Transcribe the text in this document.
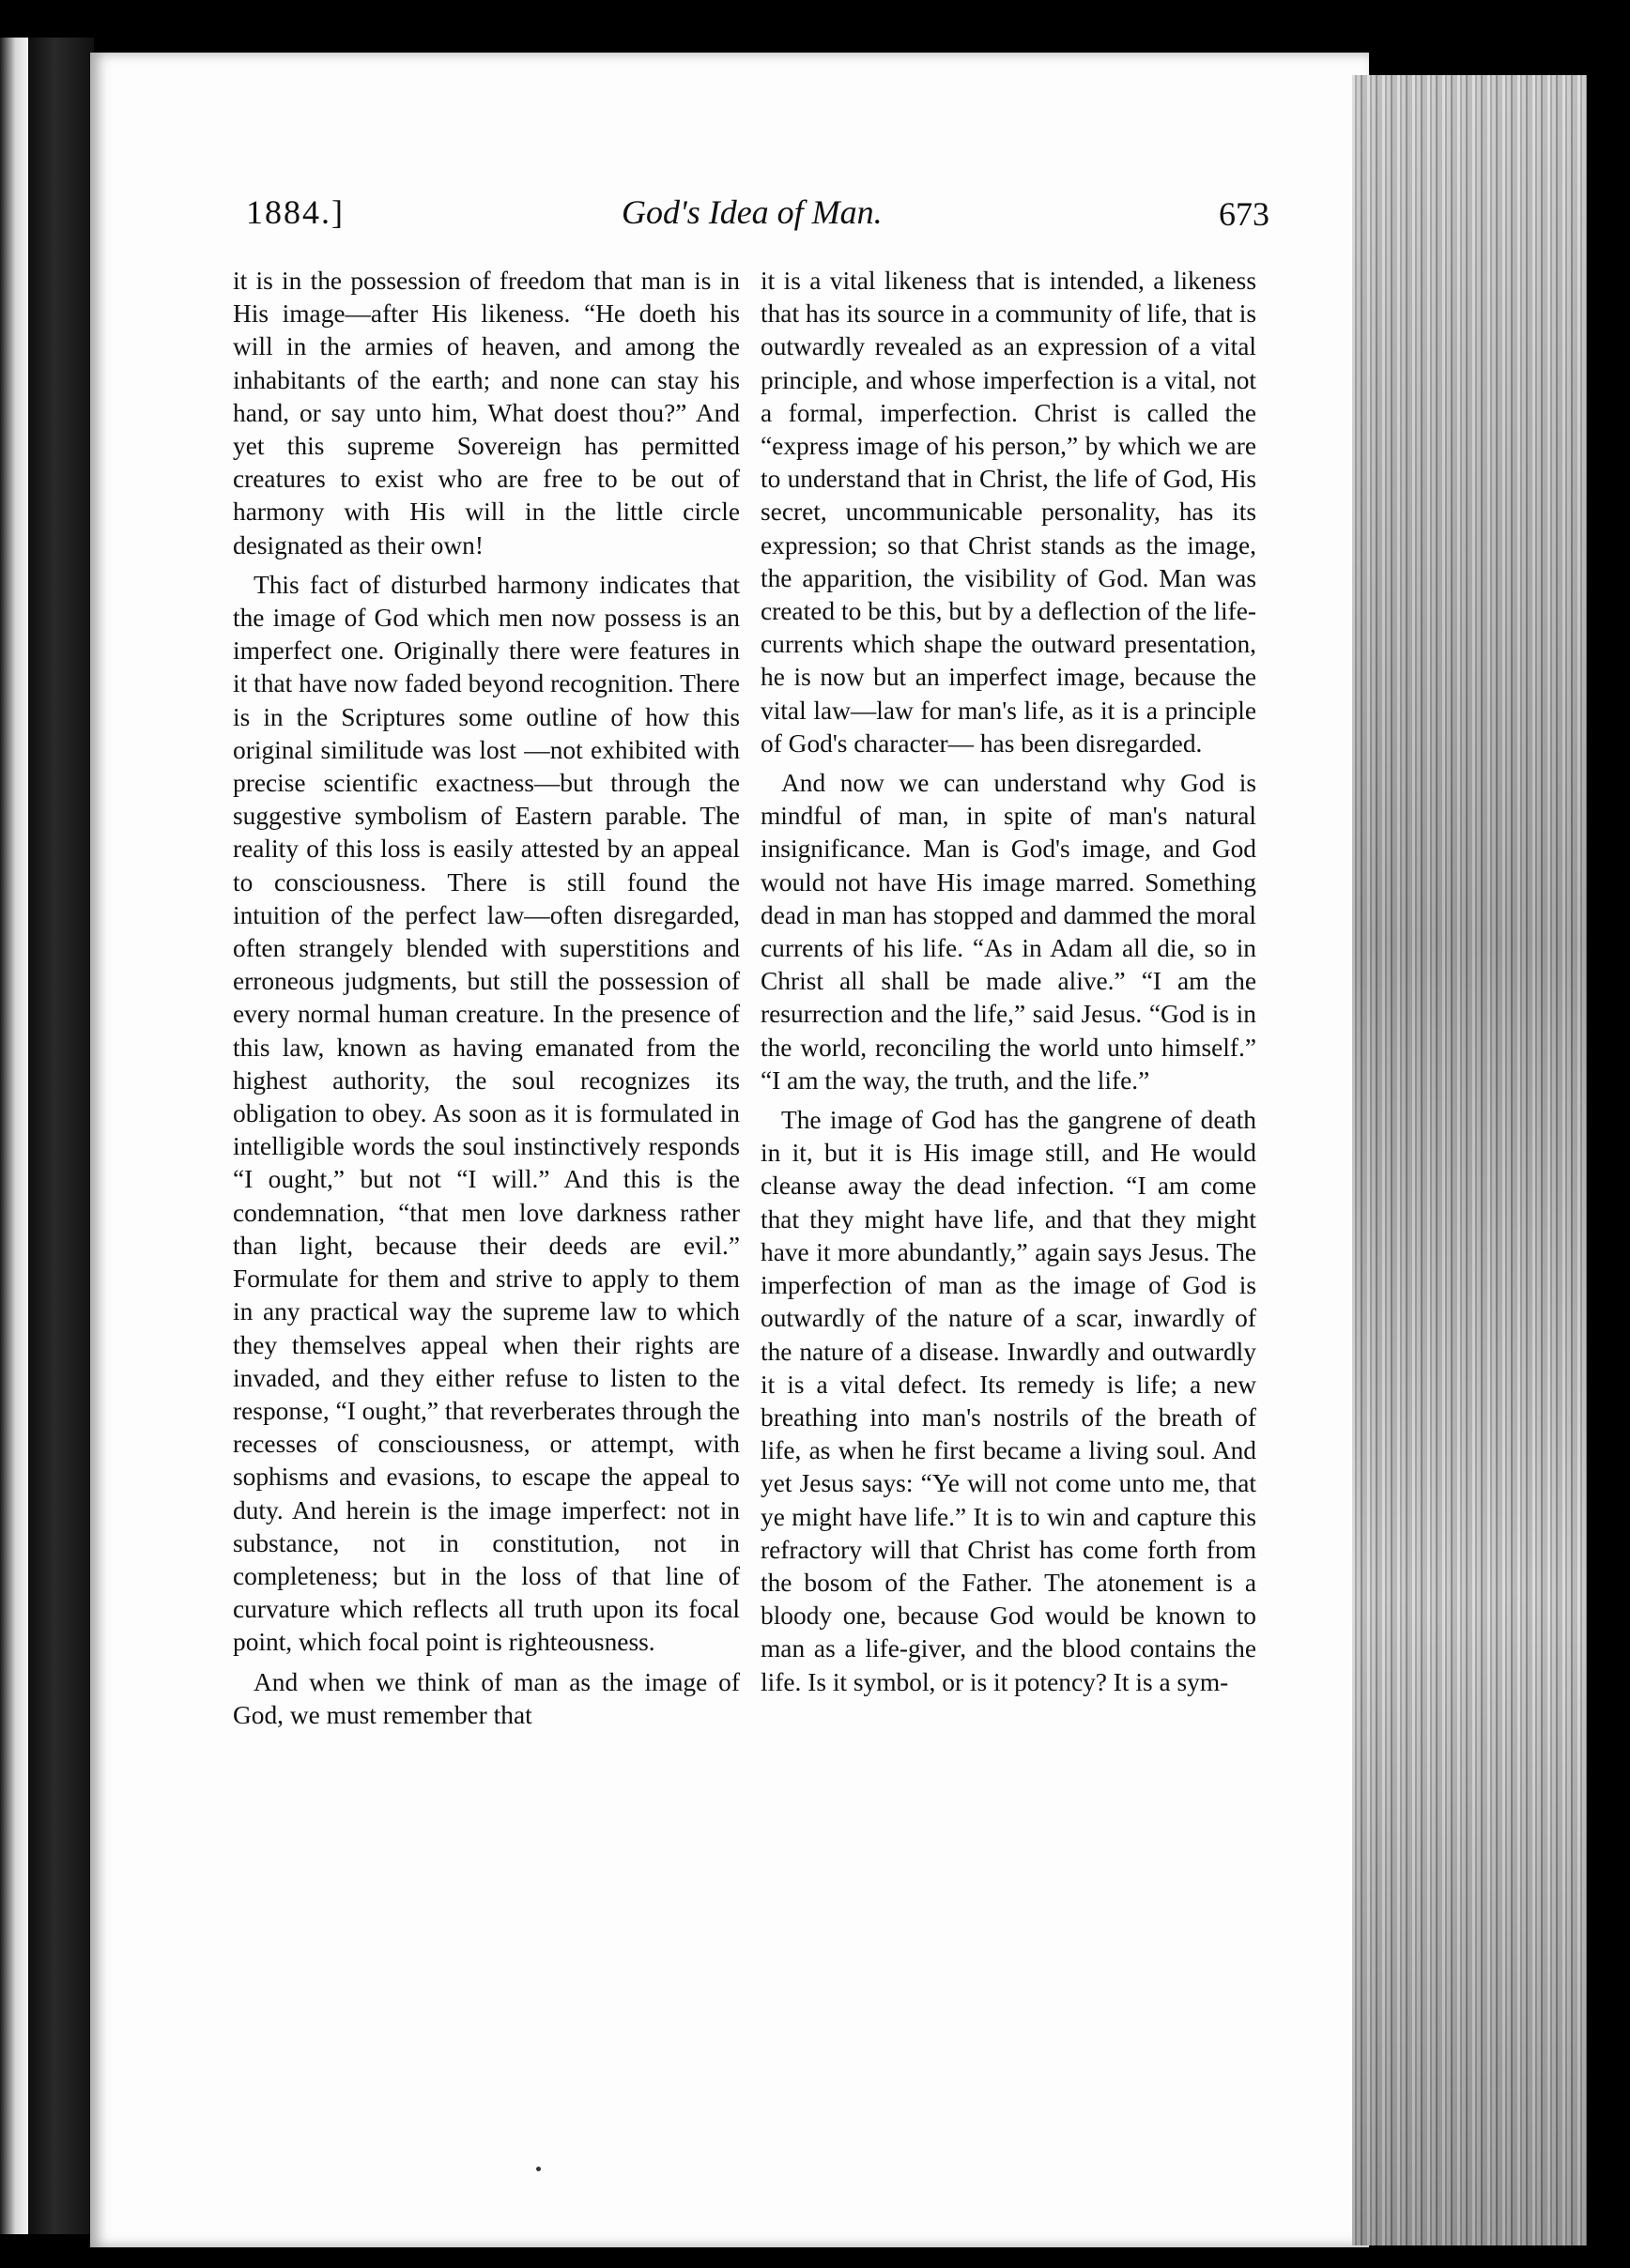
1884.]	God's Idea of Man.	673

it is in the possession of freedom that man is in His image—after His likeness. “He doeth his will in the armies of heaven, and among the inhabitants of the earth; and none can stay his hand, or say unto him, What doest thou?” And yet this supreme Sovereign has permitted creatures to exist who are free to be out of harmony with His will in the little circle designated as their own!

This fact of disturbed harmony indicates that the image of God which men now possess is an imperfect one. Originally there were features in it that have now faded beyond recognition. There is in the Scriptures some outline of how this original similitude was lost —not exhibited with precise scientific exactness—but through the suggestive symbolism of Eastern parable. The reality of this loss is easily attested by an appeal to consciousness. There is still found the intuition of the perfect law—often disregarded, often strangely blended with superstitions and erroneous judgments, but still the possession of every normal human creature. In the presence of this law, known as having emanated from the highest authority, the soul recognizes its obligation to obey. As soon as it is formulated in intelligible words the soul instinctively responds “I ought,” but not “I will.” And this is the condemnation, “that men love darkness rather than light, because their deeds are evil.” Formulate for them and strive to apply to them in any practical way the supreme law to which they themselves appeal when their rights are invaded, and they either refuse to listen to the response, “I ought,” that reverberates through the recesses of consciousness, or attempt, with sophisms and evasions, to escape the appeal to duty. And herein is the image imperfect: not in substance, not in constitution, not in completeness; but in the loss of that line of curvature which reflects all truth upon its focal point, which focal point is righteousness.

And when we think of man as the image of God, we must remember that

it is a vital likeness that is intended, a likeness that has its source in a community of life, that is outwardly revealed as an expression of a vital principle, and whose imperfection is a vital, not a formal, imperfection. Christ is called the “express image of his person,” by which we are to understand that in Christ, the life of God, His secret, uncommunicable personality, has its expression; so that Christ stands as the image, the apparition, the visibility of God. Man was created to be this, but by a deflection of the life-currents which shape the outward presentation, he is now but an imperfect image, because the vital law—law for man's life, as it is a principle of God's character— has been disregarded.

And now we can understand why God is mindful of man, in spite of man's natural insignificance. Man is God's image, and God would not have His image marred. Something dead in man has stopped and dammed the moral currents of his life. “As in Adam all die, so in Christ all shall be made alive.” “I am the resurrection and the life,” said Jesus. “God is in the world, reconciling the world unto himself.” “I am the way, the truth, and the life.”

The image of God has the gangrene of death in it, but it is His image still, and He would cleanse away the dead infection. “I am come that they might have life, and that they might have it more abundantly,” again says Jesus. The imperfection of man as the image of God is outwardly of the nature of a scar, inwardly of the nature of a disease. Inwardly and outwardly it is a vital defect. Its remedy is life; a new breathing into man's nostrils of the breath of life, as when he first became a living soul. And yet Jesus says: “Ye will not come unto me, that ye might have life.” It is to win and capture this refractory will that Christ has come forth from the bosom of the Father. The atonement is a bloody one, because God would be known to man as a life-giver, and the blood contains the life. Is it symbol, or is it potency? It is a sym-
